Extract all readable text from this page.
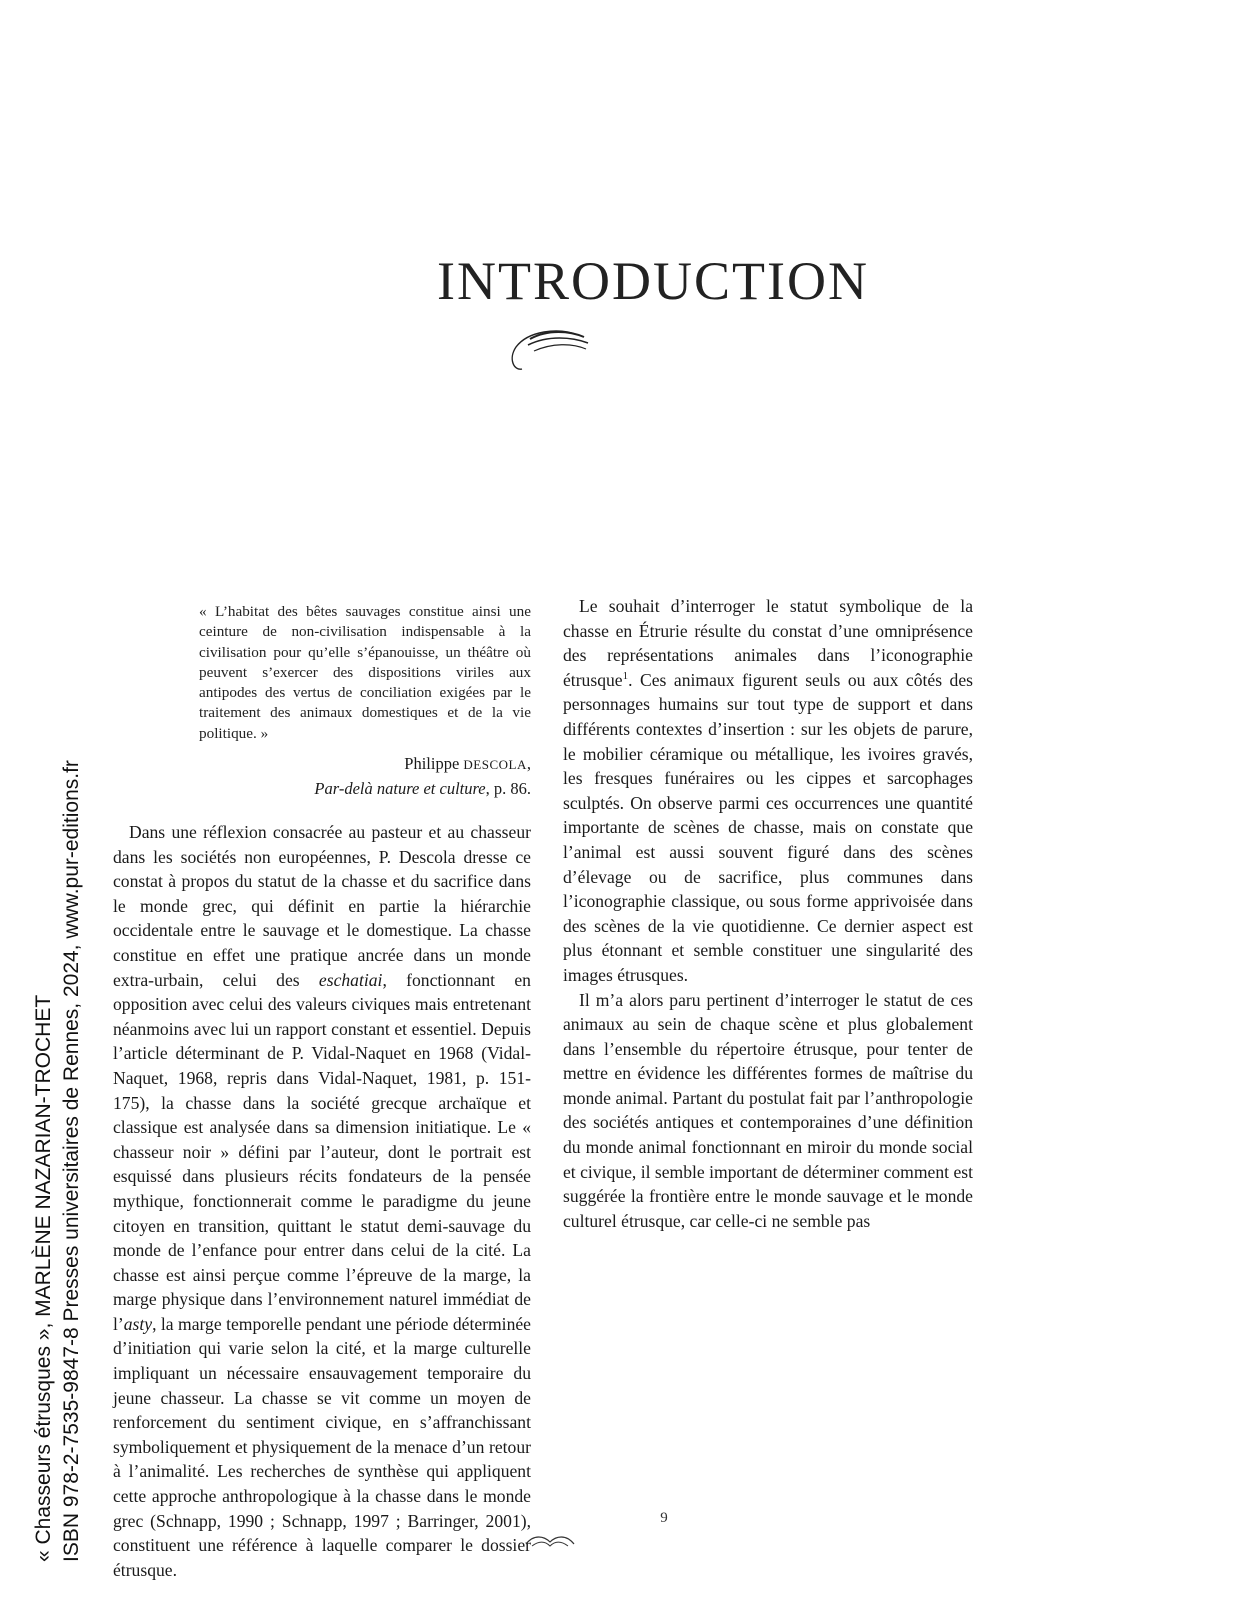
« Chasseurs étrusques », MARLÈNE NAZARIAN-TROCHET ISBN 978-2-7535-9847-8 Presses universitaires de Rennes, 2024, www.pur-editions.fr
INTRODUCTION

« L’habitat des bêtes sauvages constitue ainsi une ceinture de non-civilisation indispensable à la civilisation pour qu’elle s’épanouisse, un théâtre où peuvent s’exercer des dispositions viriles aux antipodes des vertus de conciliation exigées par le traitement des animaux domestiques et de la vie politique. »

Philippe DESCOLA,
Par-delà nature et culture, p. 86.

Dans une réflexion consacrée au pasteur et au chasseur dans les sociétés non européennes, P. Descola dresse ce constat à propos du statut de la chasse et du sacrifice dans le monde grec, qui définit en partie la hiérarchie occidentale entre le sauvage et le domestique. La chasse constitue en effet une pratique ancrée dans un monde extra-urbain, celui des eschatiai, fonctionnant en opposition avec celui des valeurs civiques mais entretenant néanmoins avec lui un rapport constant et essentiel. Depuis l’article déterminant de P. Vidal-Naquet en 1968 (Vidal-Naquet, 1968, repris dans Vidal-Naquet, 1981, p. 151-175), la chasse dans la société grecque archaïque et classique est analysée dans sa dimension initiatique. Le « chasseur noir » défini par l’auteur, dont le portrait est esquissé dans plusieurs récits fondateurs de la pensée mythique, fonctionnerait comme le paradigme du jeune citoyen en transition, quittant le statut demi-sauvage du monde de l’enfance pour entrer dans celui de la cité. La chasse est ainsi perçue comme l’épreuve de la marge, la marge physique dans l’environnement naturel immédiat de l’asty, la marge temporelle pendant une période déterminée d’initiation qui varie selon la cité, et la marge culturelle impliquant un nécessaire ensauvagement temporaire du jeune chasseur. La chasse se vit comme un moyen de renforcement du sentiment civique, en s’affranchissant symboliquement et physiquement de la menace d’un retour à l’animalité. Les recherches de synthèse qui appliquent cette approche anthropologique à la chasse dans le monde grec (Schnapp, 1990 ; Schnapp, 1997 ; Barringer, 2001), constituent une référence à laquelle comparer le dossier étrusque.

Le souhait d’interroger le statut symbolique de la chasse en Étrurie résulte du constat d’une omniprésence des représentations animales dans l’iconographie étrusque$^1$. Ces animaux figurent seuls ou aux côtés des personnages humains sur tout type de support et dans différents contextes d’insertion : sur les objets de parure, le mobilier céramique ou métallique, les ivoires gravés, les fresques funéraires ou les cippes et sarcophages sculptés. On observe parmi ces occurrences une quantité importante de scènes de chasse, mais on constate que l’animal est aussi souvent figuré dans des scènes d’élevage ou de sacrifice, plus communes dans l’iconographie classique, ou sous forme apprivoisée dans des scènes de la vie quotidienne. Ce dernier aspect est plus étonnant et semble constituer une singularité des images étrusques.

Il m’a alors paru pertinent d’interroger le statut de ces animaux au sein de chaque scène et plus globalement dans l’ensemble du répertoire étrusque, pour tenter de mettre en évidence les différentes formes de maîtrise du monde animal. Partant du postulat fait par l’anthropologie des sociétés antiques et contemporaines d’une définition du monde animal fonctionnant en miroir du monde social et civique, il semble important de déterminer comment est suggérée la frontière entre le monde sauvage et le monde culturel étrusque, car celle-ci ne semble pas

9
